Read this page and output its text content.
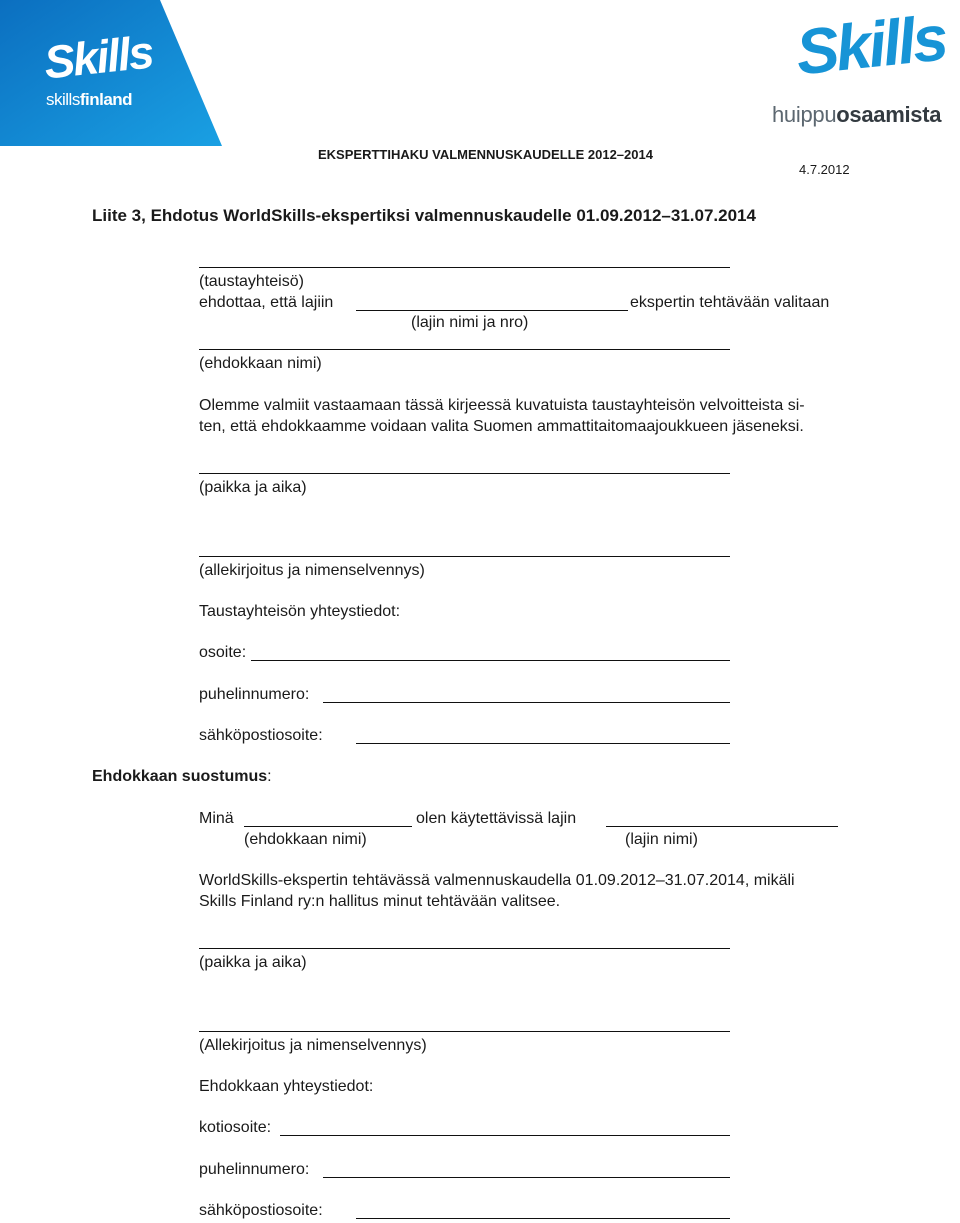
Skills
skillsfinland
Skills
huippuosaamista
EKSPERTTIHAKU VALMENNUSKAUDELLE 2012–2014
4.7.2012
Liite 3, Ehdotus WorldSkills-ekspertiksi valmennuskaudelle 01.09.2012–31.07.2014
(taustayhteisö)
ehdottaa, että lajiin	ekspertin tehtävään valitaan
(lajin nimi ja nro)
(ehdokkaan nimi)
Olemme valmiit vastaamaan tässä kirjeessä kuvatuista taustayhteisön velvoitteista si-
ten, että ehdokkaamme voidaan valita Suomen ammattitaitomaajoukkueen jäseneksi.
(paikka ja aika)
(allekirjoitus ja nimenselvennys)
Taustayhteisön yhteystiedot:
osoite:
puhelinnumero:
sähköpostiosoite:
Ehdokkaan suostumus:
Minä	olen käytettävissä lajin
(ehdokkaan nimi)	(lajin nimi)
WorldSkills-ekspertin tehtävässä valmennuskaudella 01.09.2012–31.07.2014, mikäli
Skills Finland ry:n hallitus minut tehtävään valitsee.
(paikka ja aika)
(Allekirjoitus ja nimenselvennys)
Ehdokkaan yhteystiedot:
kotiosoite:
puhelinnumero:
sähköpostiosoite:
